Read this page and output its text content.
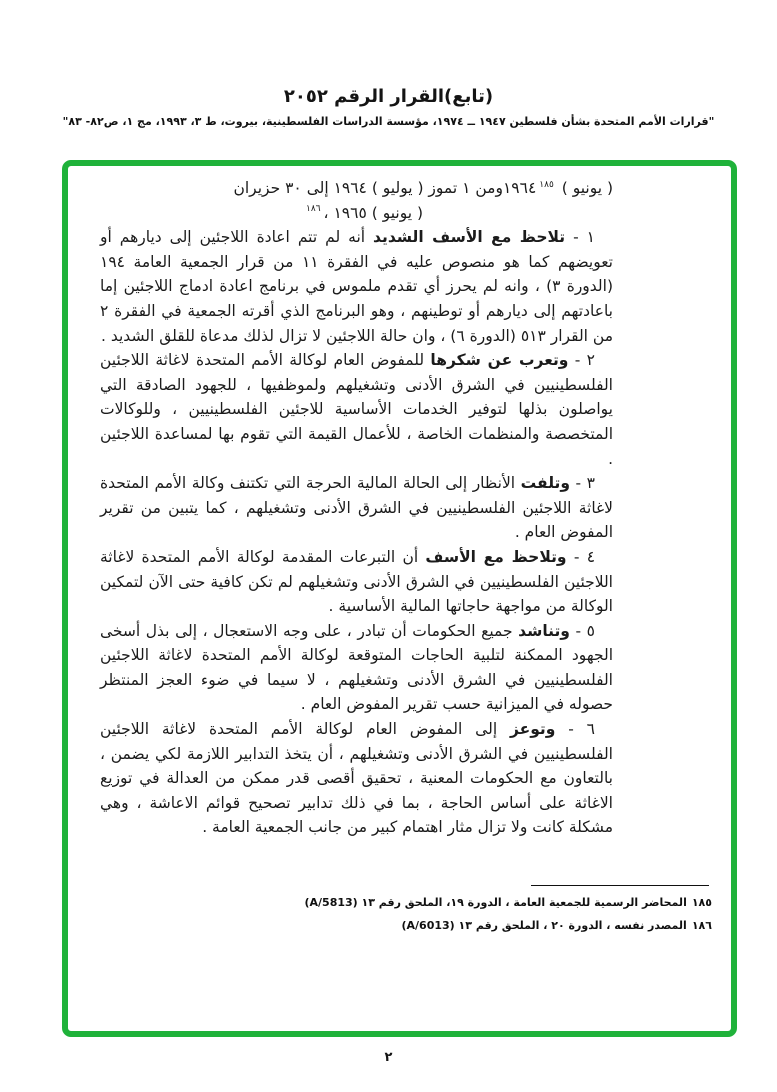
(تابع)القرار الرقم ٢٠٥٢
"قرارات الأمم المتحدة بشأن فلسطين ١٩٤٧ ــ ١٩٧٤، مؤسسة الدراسات الفلسطينية، بيروت، ط ٣، ١٩٩٣، مج ١، ص٨٢- ٨٣"

( يونيو ) ١٩٦٤$^{١٨٥}$ومن ١ تموز ( يوليو ) ١٩٦٤ إلى ٣٠ حزيران

( يونيو ) ١٩٦٥ ،$^{١٨٦}$

١ - تلاحظ مع الأسف الشديد أنه لم تتم اعادة اللاجئين إلى ديارهم أو تعويضهم كما هو منصوص عليه في الفقرة ١١ من قرار الجمعية العامة ١٩٤ (الدورة ٣) ، وانه لم يحرز أي تقدم ملموس في برنامج اعادة ادماج اللاجئين إما باعادتهم إلى ديارهم أو توطينهم ، وهو البرنامج الذي أقرته الجمعية في الفقرة ٢ من القرار ٥١٣ (الدورة ٦) ، وان حالة اللاجئين لا تزال لذلك مدعاة للقلق الشديد .

٢ - وتعرب عن شكرها للمفوض العام لوكالة الأمم المتحدة لاغاثة اللاجئين الفلسطينيين في الشرق الأدنى وتشغيلهم ولموظفيها ، للجهود الصادقة التي يواصلون بذلها لتوفير الخدمات الأساسية للاجئين الفلسطينيين ، وللوكالات المتخصصة والمنظمات الخاصة ، للأعمال القيمة التي تقوم بها لمساعدة اللاجئين .

٣ - وتلفت الأنظار إلى الحالة المالية الحرجة التي تكتنف وكالة الأمم المتحدة لاغاثة اللاجئين الفلسطينيين في الشرق الأدنى وتشغيلهم ، كما يتبين من تقرير المفوض العام .

٤ - وتلاحظ مع الأسف أن التبرعات المقدمة لوكالة الأمم المتحدة لاغاثة اللاجئين الفلسطينيين في الشرق الأدنى وتشغيلهم لم تكن كافية حتى الآن لتمكين الوكالة من مواجهة حاجاتها المالية الأساسية .

٥ - وتناشد جميع الحكومات أن تبادر ، على وجه الاستعجال ، إلى بذل أسخى الجهود الممكنة لتلبية الحاجات المتوقعة لوكالة الأمم المتحدة لاغاثة اللاجئين الفلسطينيين في الشرق الأدنى وتشغيلهم ، لا سيما في ضوء العجز المنتظر حصوله في الميزانية حسب تقرير المفوض العام .

٦ - وتوعز إلى المفوض العام لوكالة الأمم المتحدة لاغاثة اللاجئين الفلسطينيين في الشرق الأدنى وتشغيلهم ، أن يتخذ التدابير اللازمة لكي يضمن ، بالتعاون مع الحكومات المعنية ، تحقيق أقصى قدر ممكن من العدالة في توزيع الاغاثة على أساس الحاجة ، بما في ذلك تدابير تصحيح قوائم الاعاشة ، وهي مشكلة كانت ولا تزال مثار اهتمام كبير من جانب الجمعية العامة .

١٨٥المحاضر الرسمية للجمعية العامة ، الدورة ١٩، الملحق رقم ١٣ (A/5813)
١٨٦المصدر نفسه ، الدورة ٢٠ ، الملحق رقم ١٣ (A/6013)
٢
